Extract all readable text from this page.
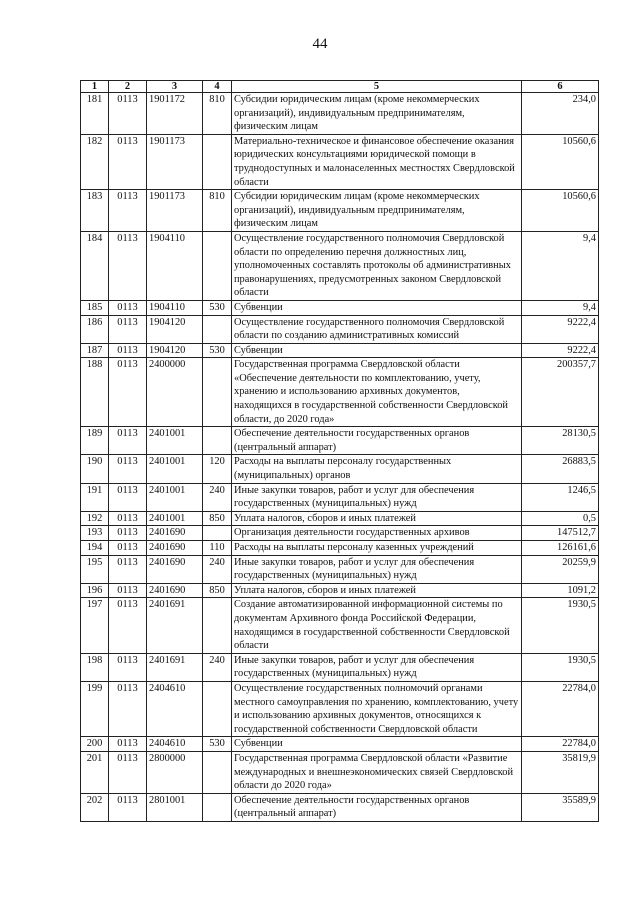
44
1	2	3	4	5	6
181	0113	1901172	810	Субсидии юридическим лицам (кроме некоммерческих организаций), индивидуальным предпринимателям, физическим лицам	234,0
182	0113	1901173		Материально-техническое и финансовое обеспечение оказания юридических консультациями юридической помощи в труднодоступных и малонаселенных местностях Свердловской области	10560,6
183	0113	1901173	810	Субсидии юридическим лицам (кроме некоммерческих организаций), индивидуальным предпринимателям, физическим лицам	10560,6
184	0113	1904110		Осуществление государственного полномочия Свердловской области по определению перечня должностных лиц, уполномоченных составлять протоколы об административных правонарушениях, предусмотренных законом Свердловской области	9,4
185	0113	1904110	530	Субвенции	9,4
186	0113	1904120		Осуществление государственного полномочия Свердловской области по созданию административных комиссий	9222,4
187	0113	1904120	530	Субвенции	9222,4
188	0113	2400000		Государственная программа Свердловской области «Обеспечение деятельности по комплектованию, учету, хранению и использованию архивных документов, находящихся в государственной собственности Свердловской области, до 2020 года»	200357,7
189	0113	2401001		Обеспечение деятельности государственных органов (центральный аппарат)	28130,5
190	0113	2401001	120	Расходы на выплаты персоналу государственных (муниципальных) органов	26883,5
191	0113	2401001	240	Иные закупки товаров, работ и услуг для обеспечения государственных (муниципальных) нужд	1246,5
192	0113	2401001	850	Уплата налогов, сборов и иных платежей	0,5
193	0113	2401690		Организация деятельности государственных архивов	147512,7
194	0113	2401690	110	Расходы на выплаты персоналу казенных учреждений	126161,6
195	0113	2401690	240	Иные закупки товаров, работ и услуг для обеспечения государственных (муниципальных) нужд	20259,9
196	0113	2401690	850	Уплата налогов, сборов и иных платежей	1091,2
197	0113	2401691		Создание автоматизированной информационной системы по документам Архивного фонда Российской Федерации, находящимся в государственной собственности Свердловской области	1930,5
198	0113	2401691	240	Иные закупки товаров, работ и услуг для обеспечения государственных (муниципальных) нужд	1930,5
199	0113	2404610		Осуществление государственных полномочий органами местного самоуправления по хранению, комплектованию, учету и использованию архивных документов, относящихся к государственной собственности Свердловской области	22784,0
200	0113	2404610	530	Субвенции	22784,0
201	0113	2800000		Государственная программа Свердловской области «Развитие международных и внешнеэкономических связей Свердловской области до 2020 года»	35819,9
202	0113	2801001		Обеспечение деятельности государственных органов (центральный аппарат)	35589,9
